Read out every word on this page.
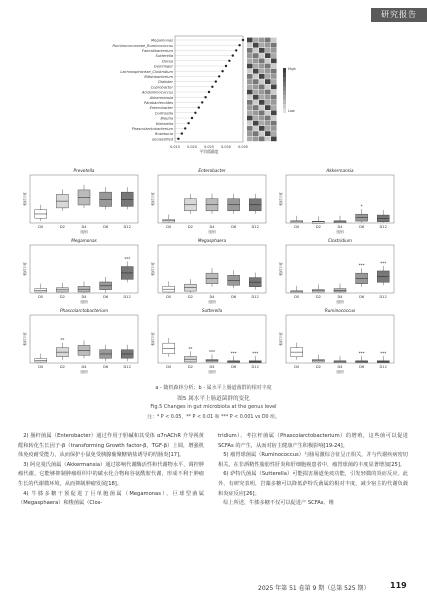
研究报告
Megamonas
Ruminococcaceae_Ruminococcus
Faecalibacterium
Sutterella
Dorea
Gemmiger
Lachnospiraceae_Clostridium
Bifidobacterium
Dialister
Coprobacter
Acidaminococcus
Akkermansia
Parabacteroides
Enterobacter
Collinsella
Blautia
Klebsiella
Phascolarctobacterium
Roseburia
unclassified
0.015 0.020 0.025 0.030 0.035
平均精确度
High
Low
Prevotella
相对丰度
D0	D2	D4	D6	D12
组别
Enterobacter
相对丰度
D0	D2	D4	D6	D12
组别
Akkermansia
相对丰度
D0	D2	D4	D6
*
D12
组别
Megamonas
相对丰度
D0	D2	D4	D6	D12
***
组别
Megasphaera
相对丰度
D0	D2	D4	D6	D12
组别
Clostridium
相对丰度
D0	D2	D4	D6
***
D12
***
组别
Phascolarctobacterium
相对丰度
D0	D2
**
D4	D6	D12
组别
Sutterella
相对丰度
D0	D2
**
D4
***
D6
***
D12
***
组别
Ruminococcus
相对丰度
D0	D2	D4	D6
***
D12
***
组别
a - 随机森林分析；b - 属水平上肠道菌群的相对丰度
图5 属水平上肠道菌群的变化
Fig.5 Changes in gut microbiota at the genus level
注：* P < 0.05，** P < 0.01 和 *** P < 0.001 vs D0 组。

2) 肠杆菌属（Enterobacter）通过作用于胆碱和其受体 α7nAChR 介导视黄醛和转化生长因子-β（transforming Growth factor-β，TGF-β）上调，增强机体免疫耐受能力，从而保护小鼠免受胰腺葡聚糖钠盐诱导的结肠炎[17]。

3) 阿克曼氏菌属（Akkermansia）通过影响代谢酶活性和代谢物水平，调控肿瘤代谢。它能够抑制肿瘤组织中的碳水化合物和谷氨酰胺代谢，形成不利于肿瘤生长的代谢微环境，从而抑制肿瘤发展[18]。

4) 牛膝多糖干预促进了巨单胞菌属（Megamonas）、巨球型菌属（Megasphaera）和梭菌属（Clos-

tridium）、考拉杆菌属（Phascolarctobacterium）的增殖，这些菌可以促进 SCFAs 的产生，从而对宿主健康产生积极影响[19-24]。

5) 瘤胃球菌属（Ruminococcus）与肠易激综合征呈正相关，并与代谢疾病密切相关。在非酒精性脂肪性肝炎和肝细胞癌患者中，瘤胃球菌的丰度显著增加[25]。

6) 萨特氏菌属（Sutterella）可能损害肠道免疫功能，引发轻微的炎症反应。此外，有研究表明，岩藻多糖可以降低萨特氏菌属的相对丰度，减少宿主的代谢负载和炎症反应[26]。

综上所述，牛膝多糖不仅可以促进产 SCFAs、维

2025 年第 51 卷第 9 期（总第 525 期）	119
